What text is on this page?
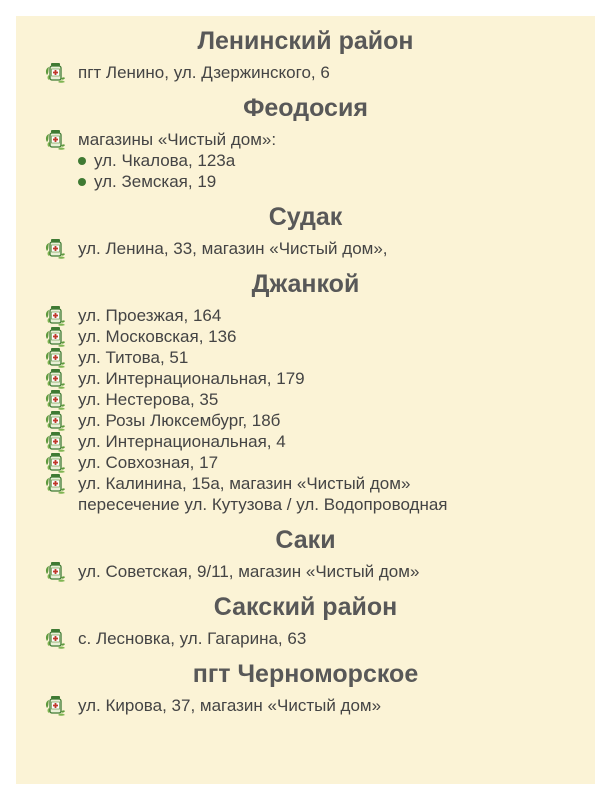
Ленинский район
пгт Ленино, ул. Дзержинского, 6
Феодосия
магазины «Чистый дом»:
ул. Чкалова, 123а
ул. Земская, 19
Судак
ул. Ленина, 33, магазин «Чистый дом»,
Джанкой
ул. Проезжая, 164
ул. Московская, 136
ул. Титова, 51
ул. Интернациональная, 179
ул. Нестерова, 35
ул. Розы Люксембург, 18б
ул. Интернациональная, 4
ул. Совхозная, 17
ул. Калинина, 15а, магазин «Чистый дом»
пересечение ул. Кутузова / ул. Водопроводная
Саки
ул. Советская, 9/11, магазин «Чистый дом»
Сакский район
с. Лесновка, ул. Гагарина, 63
пгт Черноморское
ул. Кирова, 37, магазин «Чистый дом»
